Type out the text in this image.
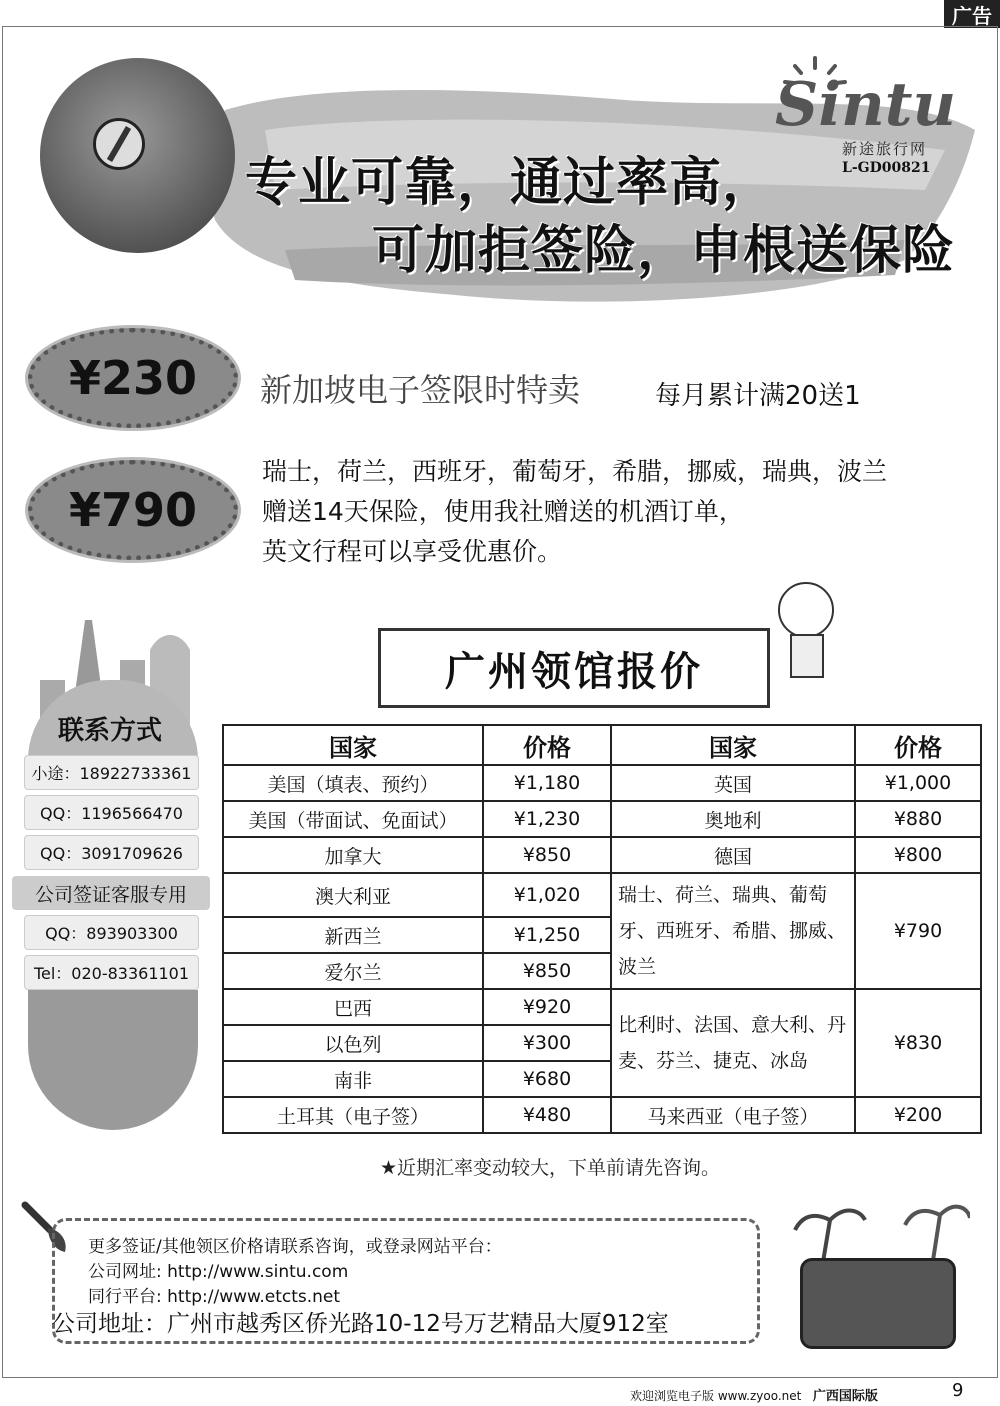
广告
专业可靠，通过率高，
可加拒签险，申根送保险
Sintu
新途旅行网
L-GD00821
¥230 新加坡电子签限时特卖	每月累计满20送1
¥790
瑞士，荷兰，西班牙，葡萄牙，希腊，挪威，瑞典，波兰
赠送14天保险，使用我社赠送的机酒订单，
英文行程可以享受优惠价。
联系方式
小途：18922733361
QQ：1196566470
QQ：3091709626
公司签证客服专用
QQ：893903300
Tel：020-83361101
广州领馆报价
国家	价格	国家	价格
美国（填表、预约）	¥1,180	英国	¥1,000
美国（带面试、免面试）	¥1,230	奥地利	¥880
加拿大	¥850	德国	¥800
澳大利亚	¥1,020	瑞士、荷兰、瑞典、葡萄牙、西班牙、希腊、挪威、波兰	¥790
新西兰	¥1,250		
爱尔兰	¥850		
巴西	¥920	比利时、法国、意大利、丹麦、芬兰、捷克、冰岛	¥830
以色列	¥300		
南非	¥680		
土耳其（电子签）	¥480	马来西亚（电子签）	¥200
★近期汇率变动较大，下单前请先咨询。
更多签证/其他领区价格请联系咨询，或登录网站平台：
公司网址: http://www.sintu.com
同行平台: http://www.etcts.net
公司地址：广州市越秀区侨光路10-12号万艺精品大厦912室
欢迎浏览电子版 www.zyoo.net 广西国际版	9
